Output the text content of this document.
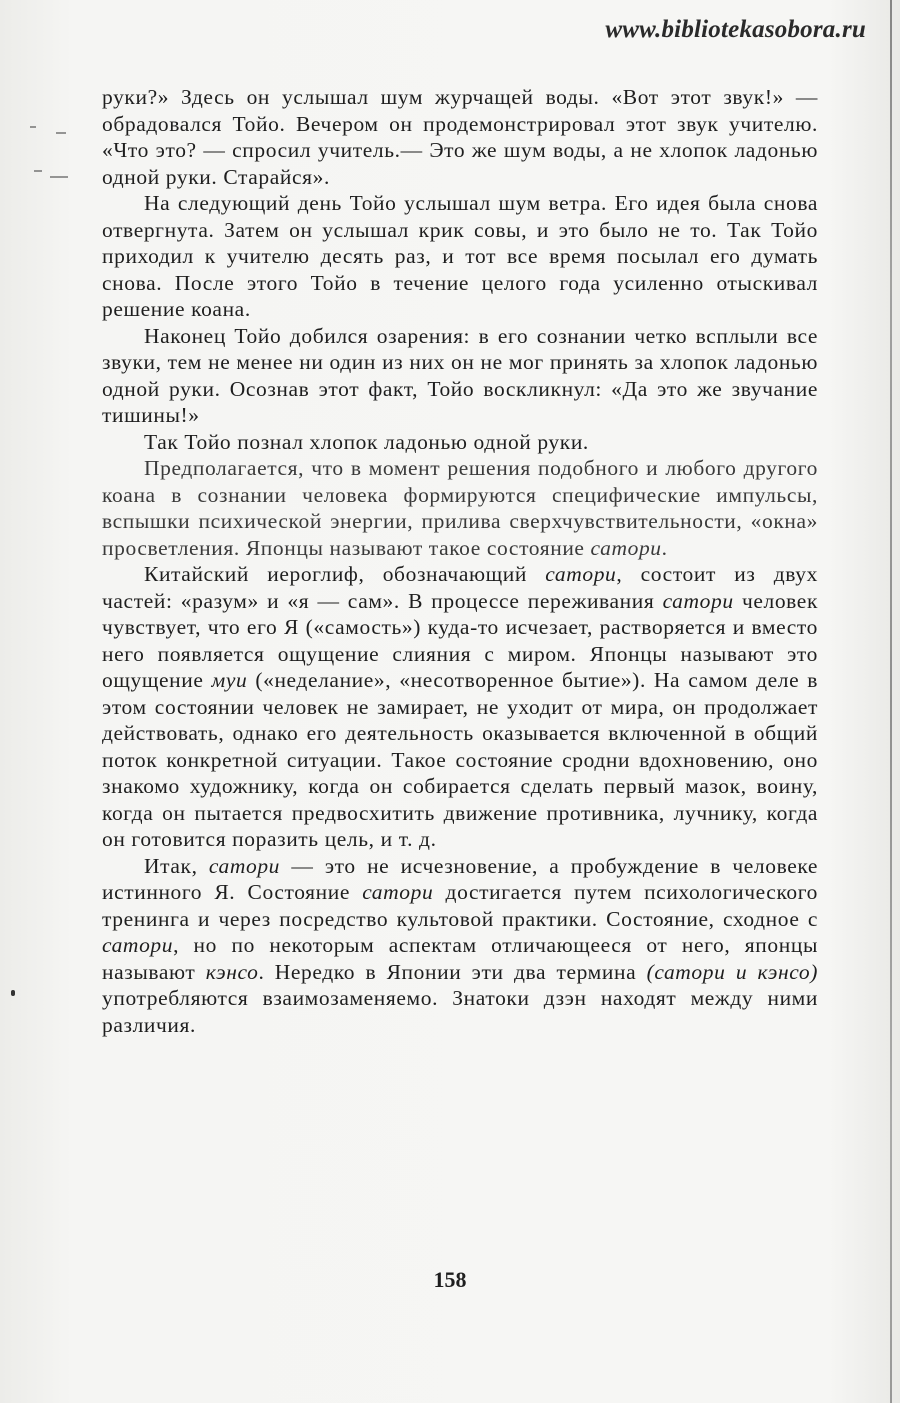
www.bibliotekasobora.ru

руки?» Здесь он услышал шум журчащей воды. «Вот этот звук!» — обрадовался Тойо. Вечером он продемонстрировал этот звук учителю. «Что это? — спросил учитель.— Это же шум воды, а не хлопок ладонью одной руки. Старайся».

На следующий день Тойо услышал шум ветра. Его идея была снова отвергнута. Затем он услышал крик совы, и это было не то. Так Тойо приходил к учителю десять раз, и тот все время посылал его думать снова. После этого Тойо в течение целого года усиленно отыскивал решение коана.

Наконец Тойо добился озарения: в его сознании четко всплыли все звуки, тем не менее ни один из них он не мог принять за хлопок ладонью одной руки. Осознав этот факт, Тойо воскликнул: «Да это же звучание тишины!»

Так Тойо познал хлопок ладонью одной руки.

Предполагается, что в момент решения подобного и любого другого коана в сознании человека формируются специфические импульсы, вспышки психической энергии, прилива сверхчувствительности, «окна» просветления. Японцы называют такое состояние сатори.

Китайский иероглиф, обозначающий сатори, состоит из двух частей: «разум» и «я — сам». В процессе переживания сатори человек чувствует, что его Я («самость») куда-то исчезает, растворяется и вместо него появляется ощущение слияния с миром. Японцы называют это ощущение муи («неделание», «несотворенное бытие»). На самом деле в этом состоянии человек не замирает, не уходит от мира, он продолжает действовать, однако его деятельность оказывается включенной в общий поток конкретной ситуации. Такое состояние сродни вдохновению, оно знакомо художнику, когда он собирается сделать первый мазок, воину, когда он пытается предвосхитить движение противника, лучнику, когда он готовится поразить цель, и т. д.

Итак, сатори — это не исчезновение, а пробуждение в человеке истинного Я. Состояние сатори достигается путем психологического тренинга и через посредство культовой практики. Состояние, сходное с сатори, но по некоторым аспектам отличающееся от него, японцы называют кэнсо. Нередко в Японии эти два термина (сатори и кэнсо) употребляются взаимозаменяемо. Знатоки дзэн находят между ними различия.

158
